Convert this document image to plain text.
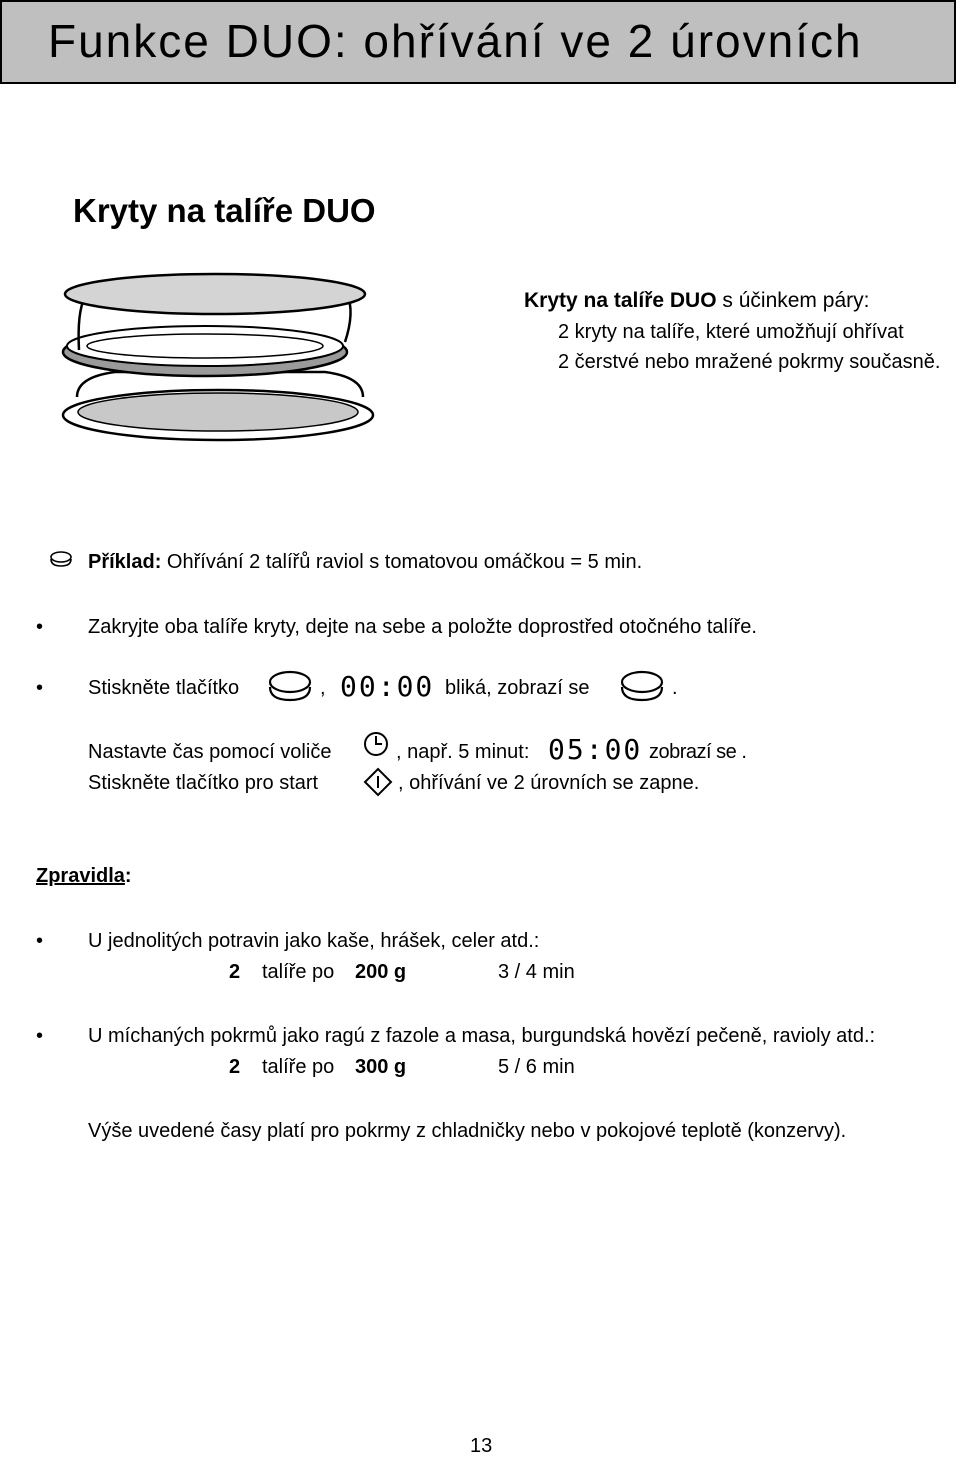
Funkce DUO: ohřívání ve 2 úrovních
Kryty na talíře DUO
Kryty na talíře DUO s účinkem páry:
2 kryty na talíře, které umožňují ohřívat
2 čerstvé nebo mražené pokrmy současně.
Příklad: Ohřívání 2 talířů raviol s tomatovou omáčkou = 5 min.
• Zakryjte oba talíře kryty, dejte na sebe a položte doprostřed otočného talíře.
• Stiskněte tlačítko	, 00:00 bliká, zobrazí se	.
Nastavte čas pomocí voliče	, např. 5 minut: 05:00 zobrazí se .
Stiskněte tlačítko pro start	, ohřívání ve 2 úrovních se zapne.
Zpravidla:
• U jednolitých potravin jako kaše, hrášek, celer atd.:
2 talíře po 200 g	3 / 4 min
• U míchaných pokrmů jako ragú z fazole a masa, burgundská hovězí pečeně, ravioly atd.:
2 talíře po 300 g	5 / 6 min
Výše uvedené časy platí pro pokrmy z chladničky nebo v pokojové teplotě (konzervy).
13
